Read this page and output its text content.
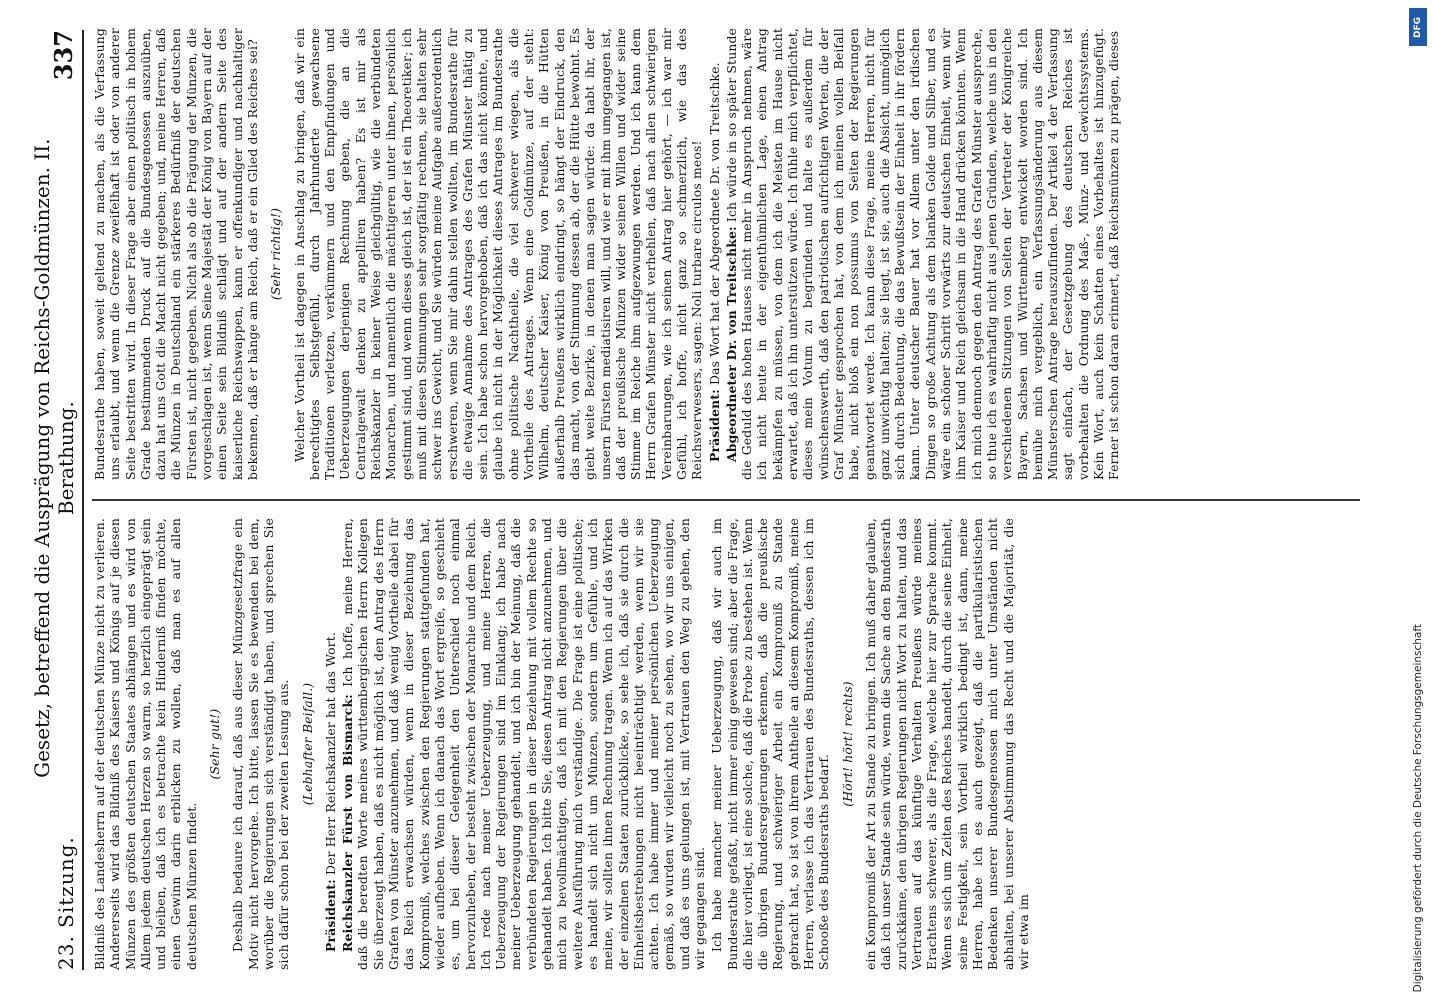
23. Sitzung.
Gesetz, betreffend die Ausprägung von Reichs-Goldmünzen. II. Berathung.
337

Bildniß des Landesherrn auf der deutschen Münze nicht zu verlieren. Andererseits wird das Bildniß des Kaisers und Königs auf je diesen Münzen des größten deutschen Staates abhängen und es wird von Allem jedem deutschen Herzen so warm, so herzlich eingeprägt sein und bleiben, daß ich es betrachte kein Hinderniß finden möchte, einen Gewinn darin erblicken zu wollen, daß man es auf allen deutschen Münzen findet.

(Sehr gut!) Deshalb bedaure ich darauf, daß aus dieser Münzgesetzfrage ein Motiv nicht hervorgehe. Ich bitte, lassen Sie es bewenden bei dem, worüber die Regierungen sich verständigt haben, und sprechen Sie sich dafür schon bei der zweiten Lesung aus. (Lebhafter Beifall.)

Präsident: Der Herr Reichskanzler hat das Wort. Reichskanzler Fürst von Bismarck: Ich hoffe, meine Herren, daß die beredten Worte meines württembergischen Herrn Kollegen Sie überzeugt haben, daß es nicht möglich ist, den Antrag des Herrn Grafen von Münster anzunehmen, und daß wenig Vortheile dabei für das Reich erwachsen würden, wenn in dieser Beziehung das Kompromiß, welches zwischen den Regierungen stattgefunden hat, wieder aufheben. Wenn ich danach das Wort ergreife, so geschieht es, um bei dieser Gelegenheit den Unterschied noch einmal hervorzuheben, der besteht zwischen der Monarchie und dem Reich. Ich rede nach meiner Ueberzeugung, und meine Herren, die Ueberzeugung der Regierungen sind im Einklang; ich habe nach meiner Ueberzeugung gehandelt, und ich bin der Meinung, daß die verbündeten Regierungen in dieser Beziehung mit vollem Rechte so gehandelt haben. Ich bitte Sie, diesen Antrag nicht anzunehmen, und mich zu bevollmächtigen, daß ich mit den Regierungen über die weitere Ausführung mich verständige. Die Frage ist eine politische; es handelt sich nicht um Münzen, sondern um Gefühle, und ich meine, wir sollten ihnen Rechnung tragen. Wenn ich auf das Wirken der einzelnen Staaten zurückblicke, so sehe ich, daß sie durch die Einheitsbestrebungen nicht beeinträchtigt werden, wenn wir sie achten. Ich habe immer und meiner persönlichen Ueberzeugung gemäß, so wurden wir vielleicht noch zu sehen, wo wir uns einigen, und daß es uns gelungen ist, mit Vertrauen den Weg zu gehen, den wir gegangen sind. Ich habe mancher meiner Ueberzeugung, daß wir auch im Bundesrathe gefaßt, nicht immer einig gewesen sind; aber die Frage, die hier vorliegt, ist eine solche, daß die Probe zu bestehen ist. Wenn die übrigen Bundesregierungen erkennen, daß die preußische Regierung, und schwieriger Arbeit ein Kompromiß zu Stande gebracht hat, so ist von ihrem Antheile an diesem Kompromiß, meine Herren, verlasse ich das Vertrauen des Bundesraths, dessen ich im Schooße des Bundesraths bedarf.

(Hört! hört! rechts) ein Kompromiß der Art zu Stande zu bringen. Ich muß daher glauben, daß ich unser Stande sein würde, wenn die Sache an den Bundesrath zurückkäme, den übrigen Regierungen nicht Wort zu halten, und das Vertrauen auf das künftige Verhalten Preußens würde meines Erachtens schwerer, als die Frage, welche hier zur Sprache kommt. Wenn es sich um Zeiten des Reiches handelt, durch die seine Einheit, seine Festigkeit, sein Vortheil wirklich bedingt ist, dann, meine Herren, habe ich es auch gezeigt, daß die partikularistischen Bedenken unserer Bundesgenossen mich unter Umständen nicht abhalten, bei unserer Abstimmung das Recht und die Majorität, die wir etwa im

Bundesrathe haben, soweit geltend zu machen, als die Verfassung uns erlaubt, und wenn die Grenze zweifelhaft ist oder von anderer Seite bestritten wird. In dieser Frage aber einen politisch in hohem Grade bestimmenden Druck auf die Bundesgenossen auszuüben, dazu hat uns Gott die Macht nicht gegeben; und, meine Herren, daß die Münzen in Deutschland ein stärkeres Bedürfniß der deutschen Fürsten ist, nicht gegeben. Nicht als ob die Prägung der Münzen, die vorgeschlagen ist, wenn Seine Majestät der König von Bayern auf der einen Seite sein Bildniß schlägt und auf der andern Seite des kaiserliche Reichswappen, kann er offenkundiger und nachhaltiger bekennen, daß er hänge am Reich, daß er ein Glied des Reiches sei? (Sehr richtig!) Welcher Vortheil ist dagegen in Anschlag zu bringen, daß wir ein berechtigtes Selbstgefühl, durch Jahrhunderte gewachsene Traditionen verletzen, verkümmern und den Empfindungen und Ueberzeugungen derjenigen Rechnung geben, die an die Centralgewalt denken zu appelliren haben? Es ist mir als Reichskanzler in keiner Weise gleichgültig, wie die verbündeten Monarchen, und namentlich die mächtigeren unter ihnen, persönlich gestimmt sind, und wenn dieses gleich ist, der ist ein Theoretiker; ich muß mit diesen Stimmungen sehr sorgfältig rechnen, sie halten sehr schwer ins Gewicht, und Sie würden meine Aufgabe außerordentlich erschweren, wenn Sie mir dahin stellen wollten, im Bundesrathe für die etwaige Annahme des Antrages des Grafen Münster thätig zu sein. Ich habe schon hervorgehoben, daß ich das nicht könnte, und glaube ich nicht in der Möglichkeit dieses Antrages im Bundesrathe ohne politische Nachtheile, die viel schwerer wiegen, als die Vortheile des Antrages. Wenn eine Goldmünze, auf der steht: Wilhelm, deutscher Kaiser, König von Preußen, in die Hütten außerhalb Preußens wirklich eindringt, so hängt der Eindruck, den das macht, von der Stimmung dessen ab, der die Hütte bewohnt. Es giebt weite Bezirke, in denen man sagen würde: da habt ihr, der unsern Fürsten mediatisiren will, und wie er mit ihm umgegangen ist, daß der preußische Münzen wider seinen Willen und wider seine Stimme im Reiche ihm aufgezwungen werden. Und ich kann dem Herrn Grafen Münster nicht verhehlen, daß nach allen schwierigen Vereinbarungen, wie ich seinen Antrag hier gehört, — ich war mir Gefühl, ich hoffe, nicht ganz so schmerzlich, wie das des Reichsverwesers, sagen: Noli turbare circulos meos! Präsident: Das Wort hat der Abgeordnete Dr. von Treitschke. Abgeordneter Dr. von Treitschke: Ich würde in so später Stunde die Geduld des hohen Hauses nicht mehr in Anspruch nehmen, wäre ich nicht heute in der eigenthümlichen Lage, einen Antrag bekämpfen zu müssen, von dem ich die Meisten im Hause nicht erwartet, daß ich ihn unterstützen würde. Ich fühle mich verpflichtet, dieses mein Votum zu begründen und halte es außerdem für wünschenswerth, daß den patriotischen aufrichtigen Worten, die der Graf Münster gesprochen hat, von dem ich meinen vollen Beifall habe, nicht bloß ein non possumus von Seiten der Regierungen geantwortet werde. Ich kann diese Frage, meine Herren, nicht für ganz unwichtig halten; sie liegt, ist sie, auch die Absicht, unmöglich sich durch Bedeutung, die das Bewußtsein der Einheit in ihr fördern kann. Unter deutscher Bauer hat vor Allem unter den irdischen Dingen so große Achtung als dem blanken Golde und Silber, und es wäre ein schöner Schritt vorwärts zur deutschen Einheit, wenn wir ihm Kaiser und Reich gleichsam in die Hand drücken könnten. Wenn ich mich dennoch gegen den Antrag des Grafen Münster ausspreche, so thue ich es wahrhaftig nicht aus jenen Gründen, welche uns in den verschiedenen Sitzungen von Seiten der Vertreter der Königreiche Bayern, Sachsen und Württemberg entwickelt worden sind. Ich bemühe mich vergeblich, ein Verfassungsänderung aus diesem Münsterschen Antrage herauszufinden. Der Artikel 4 der Verfassung sagt einfach, der Gesetzgebung des deutschen Reiches ist vorbehalten die Ordnung des Maß-, Münz- und Gewichtssystems. Kein Wort, auch kein Schatten eines Vorbehaltes ist hinzugefügt. Ferner ist schon daran erinnert, daß Reichsmünzen zu prägen, dieses

DFG
Digitalisierung gefördert durch die Deutsche Forschungsgemeinschaft
